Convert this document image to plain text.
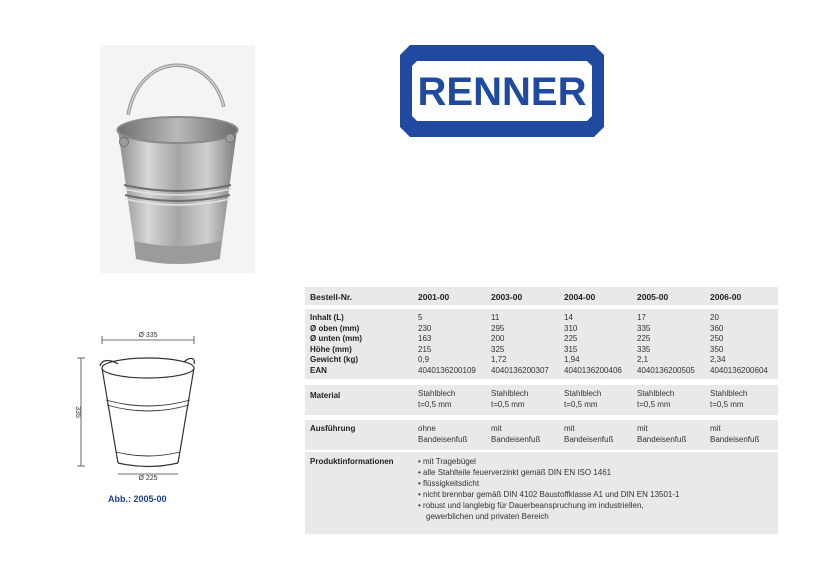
RENNER
Ø 335
335
Ø 225
Abb.: 2005-00
Bestell-Nr.	2001-00	2003-00	2004-00	2005-00	2006-00
Inhalt (L)	5	11	14	17	20
Ø oben (mm)	230	295	310	335	360
Ø unten (mm)	163	200	225	225	250
Höhe (mm)	215	325	315	335	350
Gewicht (kg)	0,9	1,72	1,94	2,1	2,34
EAN	4040136200109 4040136200307 4040136200406 4040136200505 4040136200604
Material	Stahlblech	Stahlblech	Stahlblech	Stahlblech	Stahlblech
t=0,5 mm	t=0,5 mm	t=0,5 mm	t=0,5 mm	t=0,5 mm
Ausführung	ohne	mit	mit	mit	mit
Bandeisenfuß	Bandeisenfuß	Bandeisenfuß	Bandeisenfuß	Bandeisenfuß
Produktinformationen	• mit Tragebügel
• alle Stahlteile feuerverzinkt gemäß DIN EN ISO 1461
• flüssigkeitsdicht
• nicht brennbar gemäß DIN 4102 Baustoffklasse A1 und DIN EN 13501-1
• robust und langlebig für Dauerbeanspruchung im industriellen,
gewerblichen und privaten Bereich
